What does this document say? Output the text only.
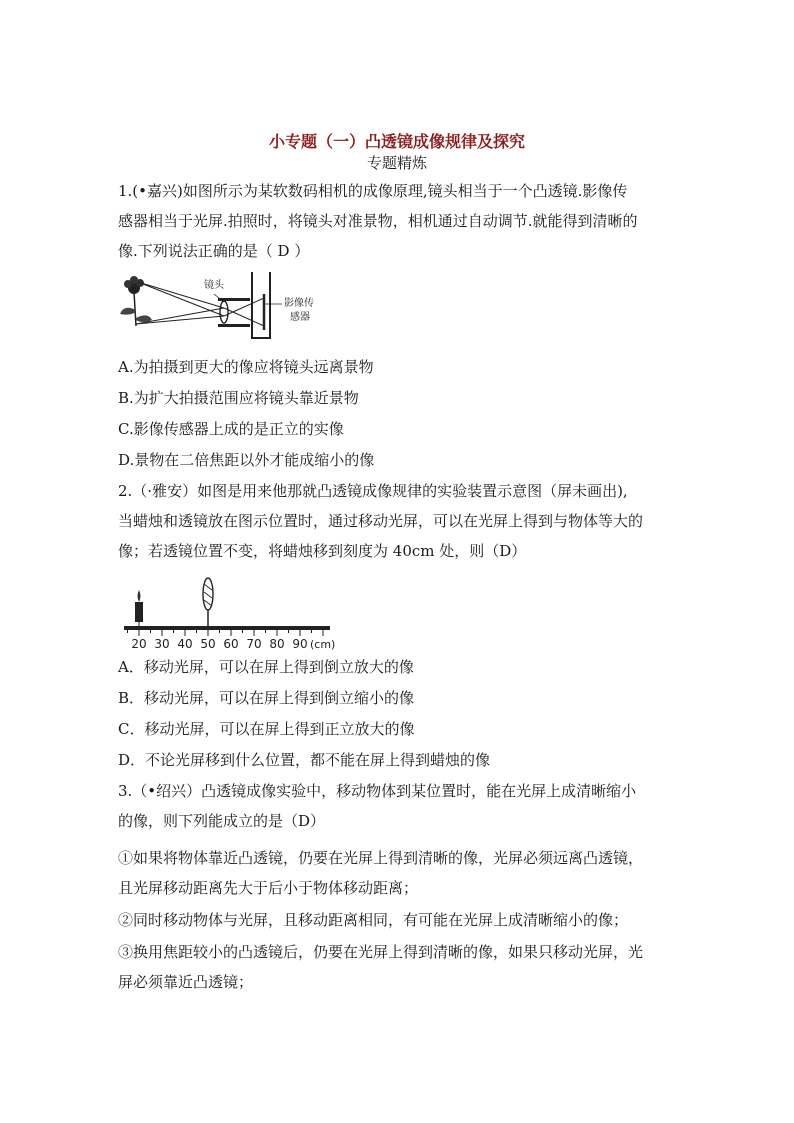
小专题（一）凸透镜成像规律及探究
专题精炼
1.(•嘉兴)如图所示为某软数码相机的成像原理,镜头相当于一个凸透镜.影像传
感器相当于光屏.拍照时，将镜头对准景物，相机通过自动调节.就能得到清晰的
像.下列说法正确的是（ D ）
镜头
影像传
感器
A.为拍摄到更大的像应将镜头远离景物
B.为扩大拍摄范围应将镜头靠近景物
C.影像传感器上成的是正立的实像
D.景物在二倍焦距以外才能成缩小的像
2.（·雅安）如图是用来他那就凸透镜成像规律的实验装置示意图（屏未画出),
当蜡烛和透镜放在图示位置时，通过移动光屏，可以在光屏上得到与物体等大的
像；若透镜位置不变，将蜡烛移到刻度为 40cm 处，则（D）
20 30 40 50 60 70 80 90 (cm)
A．移动光屏，可以在屏上得到倒立放大的像
B．移动光屏，可以在屏上得到倒立缩小的像
C．移动光屏，可以在屏上得到正立放大的像
D．不论光屏移到什么位置，都不能在屏上得到蜡烛的像
3.（•绍兴）凸透镜成像实验中，移动物体到某位置时，能在光屏上成清晰缩小
的像，则下列能成立的是（D）
①如果将物体靠近凸透镜，仍要在光屏上得到清晰的像，光屏必须远离凸透镜，
且光屏移动距离先大于后小于物体移动距离；
②同时移动物体与光屏，且移动距离相同，有可能在光屏上成清晰缩小的像；
③换用焦距较小的凸透镜后，仍要在光屏上得到清晰的像，如果只移动光屏，光
屏必须靠近凸透镜；
